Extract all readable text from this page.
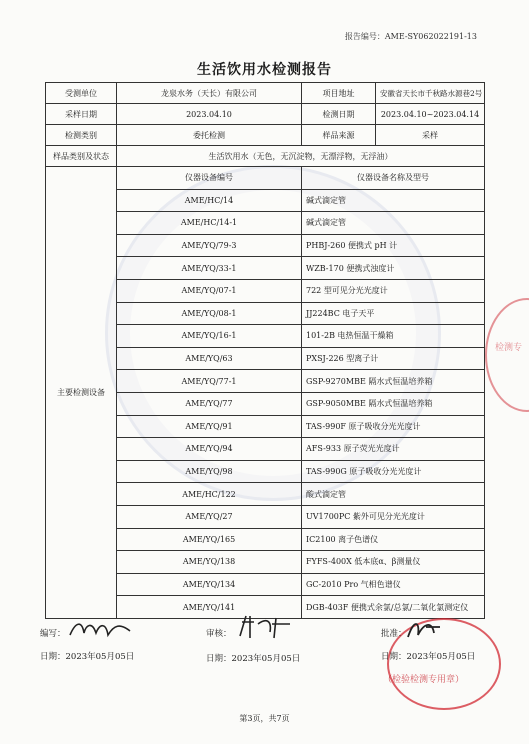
检测专
报告编号：AME-SY062022191-13
生活饮用水检测报告
受测单位	龙泉水务（天长）有限公司	项目地址	安徽省天长市千秋路水源巷2号
采样日期	2023.04.10	检测日期	2023.04.10~2023.04.14
检测类别	委托检测	样品来源	采样
样品类别及状态	生活饮用水（无色，无沉淀物，无漂浮物，无浮油）		
主要检测设备	仪器设备编号	仪器设备名称及型号	
	AME/HC/14	碱式滴定管	
	AME/HC/14-1	碱式滴定管	
	AME/YQ/79-3	PHBJ-260 便携式 pH 计	
	AME/YQ/33-1	WZB-170 便携式浊度计	
	AME/YQ/07-1	722 型可见分光光度计	
	AME/YQ/08-1	JJ224BC 电子天平	
	AME/YQ/16-1	101-2B 电热恒温干燥箱	
	AME/YQ/63	PXSJ-226 型离子计	
	AME/YQ/77-1	GSP-9270MBE 隔水式恒温培养箱	
	AME/YQ/77	GSP-9050MBE 隔水式恒温培养箱	
	AME/YQ/91	TAS-990F 原子吸收分光光度计	
	AME/YQ/94	AFS-933 原子荧光光度计	
	AME/YQ/98	TAS-990G 原子吸收分光光度计	
	AME/HC/122	酸式滴定管	
	AME/YQ/27	UV1700PC 紫外可见分光光度计	
	AME/YQ/165	IC2100 离子色谱仪	
	AME/YQ/138	FYFS-400X 低本底α、β测量仪	
	AME/YQ/134	GC-2010 Pro 气相色谱仪	
	AME/YQ/141	DGB-403F 便携式余氯/总氯/二氧化氯测定仪	
编写：
日期：2023年05月05日
审核：
日期：2023年05月05日
批准：
日期：2023年05月05日
（检验检测专用章）
第3页，共7页
